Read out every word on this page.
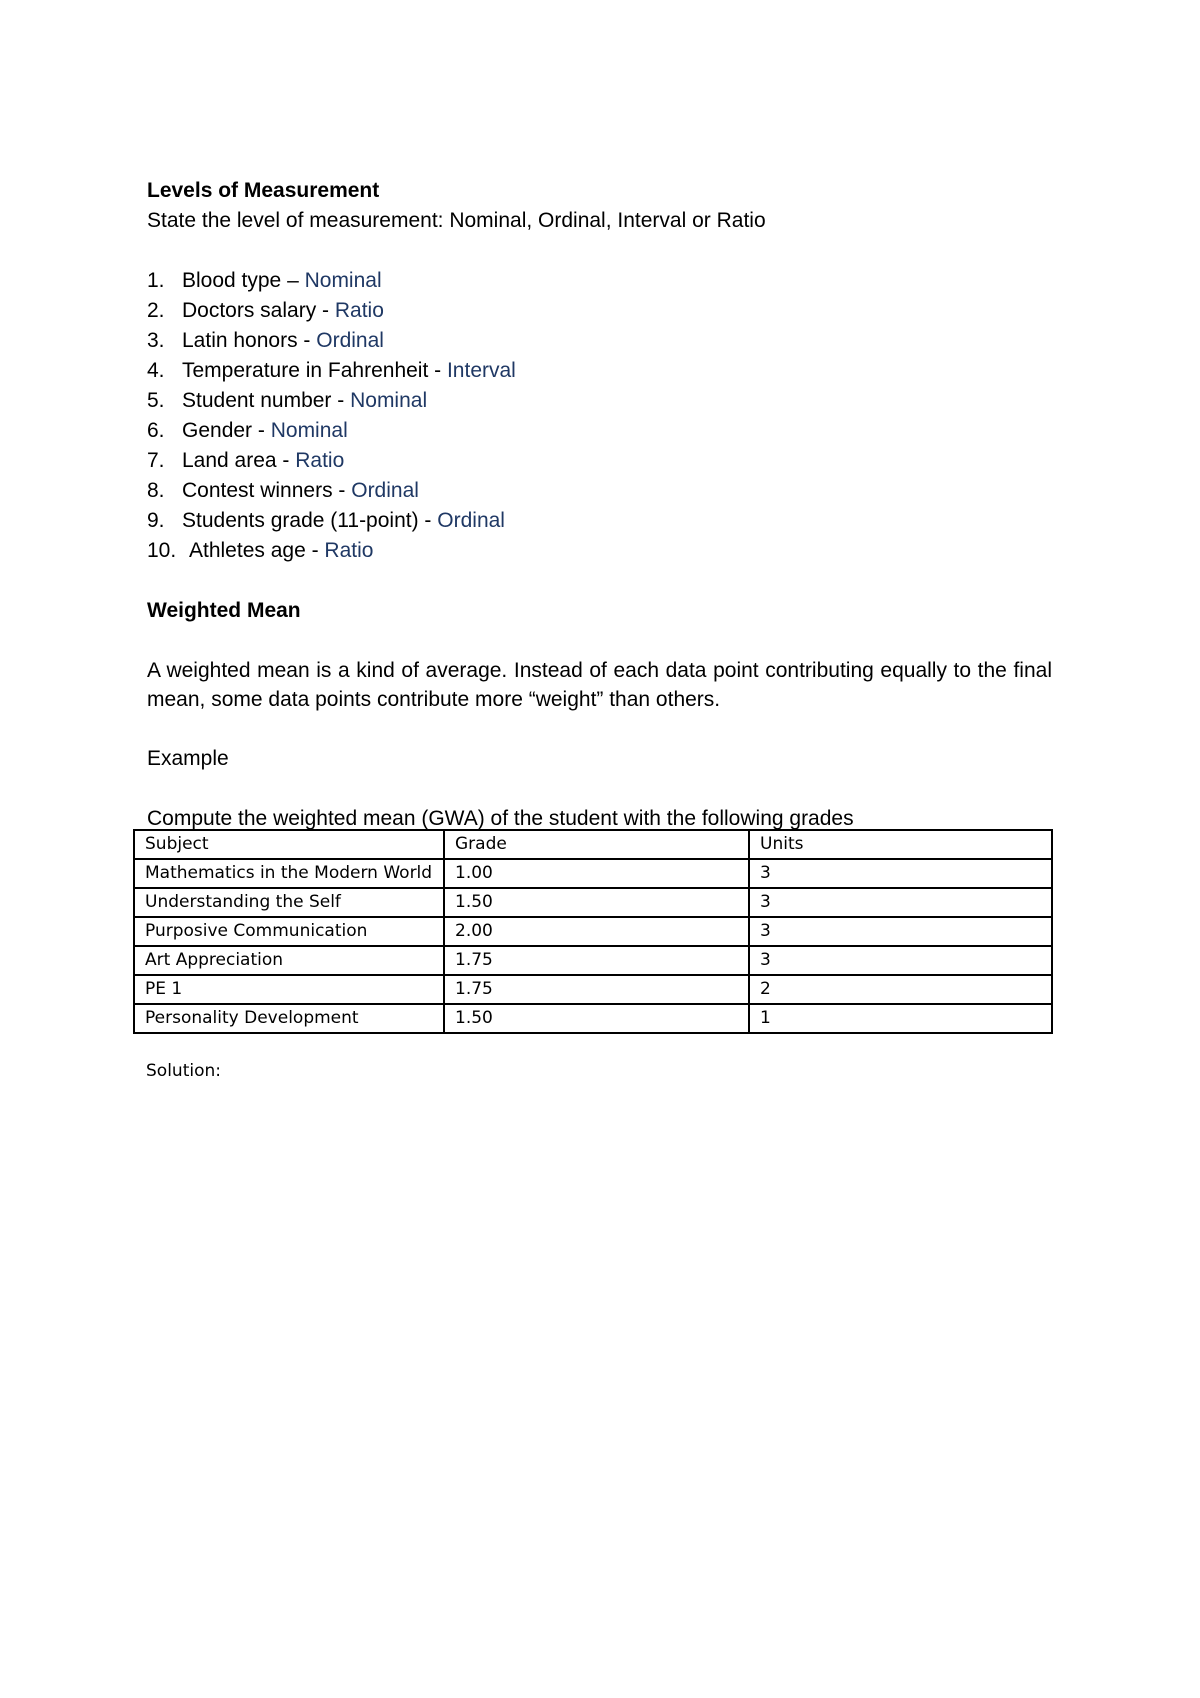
Levels of Measurement

State the level of measurement: Nominal, Ordinal, Interval or Ratio

1. Blood type – Nominal
2. Doctors salary - Ratio
3. Latin honors - Ordinal
4. Temperature in Fahrenheit - Interval
5. Student number - Nominal
6. Gender - Nominal
7. Land area - Ratio
8. Contest winners - Ordinal
9. Students grade (11-point) - Ordinal
10. Athletes age - Ratio

Weighted Mean

A weighted mean is a kind of average. Instead of each data point contributing equally to the final mean, some data points contribute more “weight” than others.

Example

Compute the weighted mean (GWA) of the student with the following grades

Subject	Grade	Units
Mathematics in the Modern World	1.00	3
Understanding the Self	1.50	3
Purposive Communication	2.00	3
Art Appreciation	1.75	3
PE 1	1.75	2
Personality Development	1.50	1
Solution:
